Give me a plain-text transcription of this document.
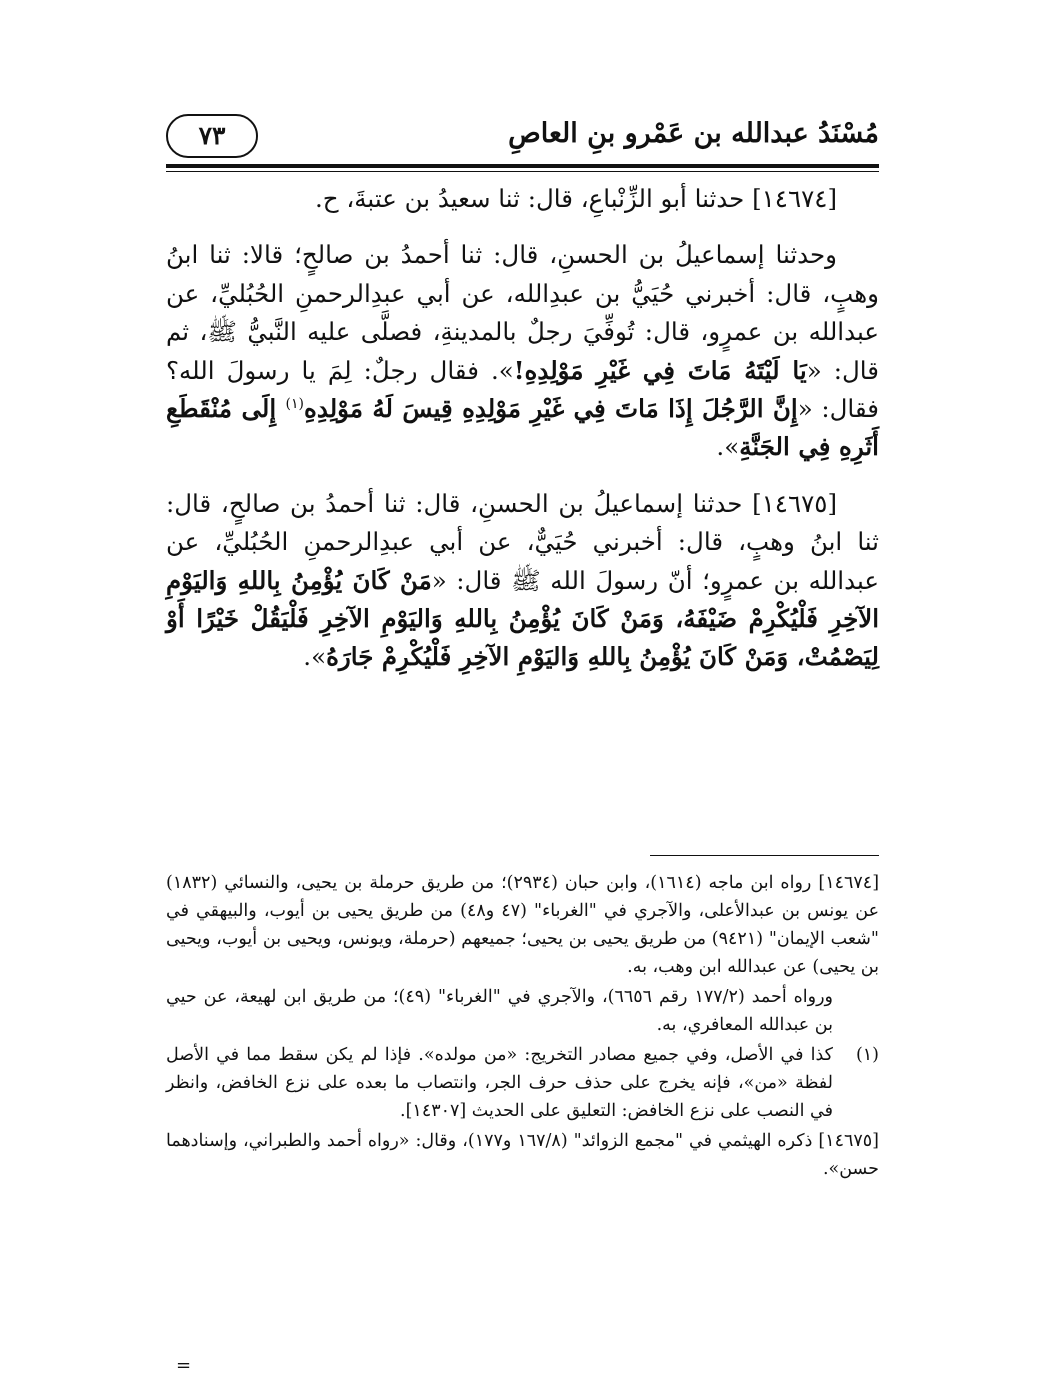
مُسْنَدُ عبدالله بن عَمْرو بنِ العاصِ
٧٣

[١٤٦٧٤] حدثنا أبو الزِّنْباعِ، قال: ثنا سعيدُ بن عتبةَ، ح.

وحدثنا إسماعيلُ بن الحسنِ، قال: ثنا أحمدُ بن صالحٍ؛ قالا: ثنا ابنُ وهبٍ، قال: أخبرني حُيَيُّ بن عبدِالله، عن أبي عبدِالرحمنِ الحُبُليِّ، عن عبدالله بن عمرٍو، قال: تُوفِّيَ رجلٌ بالمدينةِ، فصلَّى عليه النَّبيُّ ﷺ، ثم قال: «يَا لَيْتَهُ مَاتَ فِي غَيْرِ مَوْلِدِهِ!». فقال رجلٌ: لِمَ يا رسولَ الله؟ فقال: «إِنَّ الرَّجُلَ إِذَا مَاتَ فِي غَيْرِ مَوْلِدِهِ قِيسَ لَهُ مَوْلِدِهِ$^{(١)}$ إِلَى مُنْقَطَعِ أَثَرِهِ فِي الجَنَّةِ».

[١٤٦٧٥] حدثنا إسماعيلُ بن الحسنِ، قال: ثنا أحمدُ بن صالحٍ، قال: ثنا ابنُ وهبٍ، قال: أخبرني حُيَيٌّ، عن أبي عبدِالرحمنِ الحُبُليِّ، عن عبدالله بن عمرٍو؛ أنّ رسولَ الله ﷺ قال: «مَنْ كَانَ يُؤْمِنُ بِاللهِ وَاليَوْمِ الآخِرِ فَلْيُكْرِمْ ضَيْفَهُ، وَمَنْ كَانَ يُؤْمِنُ بِاللهِ وَاليَوْمِ الآخِرِ فَلْيَقُلْ خَيْرًا أَوْ لِيَصْمُتْ، وَمَنْ كَانَ يُؤْمِنُ بِاللهِ وَاليَوْمِ الآخِرِ فَلْيُكْرِمْ جَارَهُ».

[١٤٦٧٤] رواه ابن ماجه (١٦١٤)، وابن حبان (٢٩٣٤)؛ من طريق حرملة بن يحيى، والنسائي (١٨٣٢) عن يونس بن عبدالأعلى، والآجري في "الغرباء" (٤٧ و٤٨) من طريق يحيى بن أيوب، والبيهقي في "شعب الإيمان" (٩٤٢١) من طريق يحيى بن يحيى؛ جميعهم (حرملة، ويونس، ويحيى بن أيوب، ويحيى بن يحيى) عن عبدالله ابن وهب، به.

ورواه أحمد (١٧٧/٢ رقم ٦٦٥٦)، والآجري في "الغرباء" (٤٩)؛ من طريق ابن لهيعة، عن حيي بن عبدالله المعافري، به.

(١)كذا في الأصل، وفي جميع مصادر التخريج: «من مولده». فإذا لم يكن سقط مما في الأصل لفظة «من»، فإنه يخرج على حذف حرف الجر، وانتصاب ما بعده على نزع الخافض، وانظر في النصب على نزع الخافض: التعليق على الحديث [١٤٣٠٧].

[١٤٦٧٥] ذكره الهيثمي في "مجمع الزوائد" (١٦٧/٨ و١٧٧)، وقال: «رواه أحمد والطبراني، وإسنادهما حسن».

=
